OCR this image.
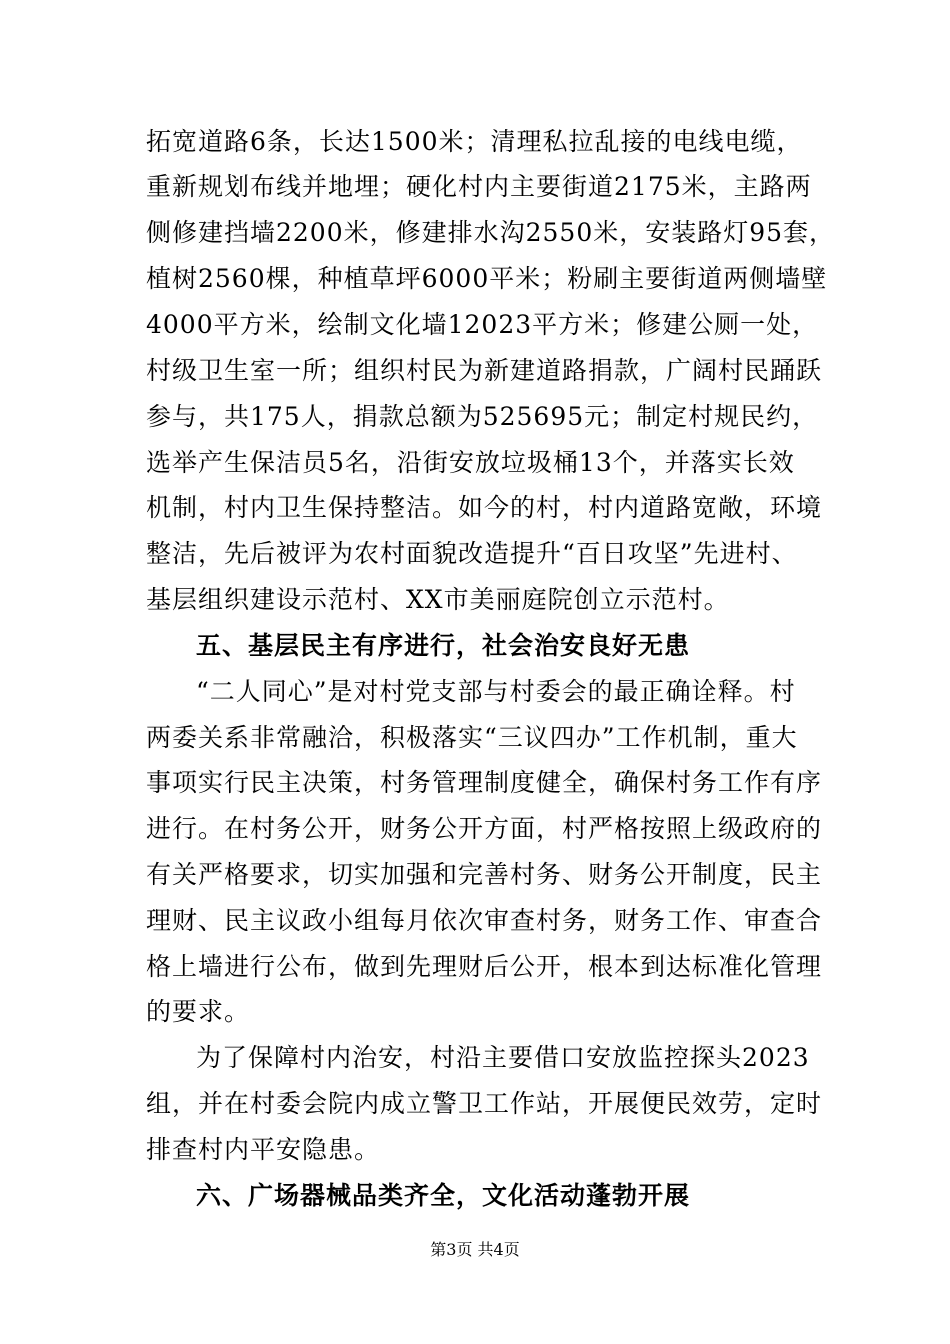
拓宽道路6条，长达1500米；清理私拉乱接的电线电缆，
重新规划布线并地埋；硬化村内主要街道2175米，主路两
侧修建挡墙2200米，修建排水沟2550米，安装路灯95套，
植树2560棵，种植草坪6000平米；粉刷主要街道两侧墙壁
4000平方米，绘制文化墙12023平方米；修建公厕一处，
村级卫生室一所；组织村民为新建道路捐款，广阔村民踊跃
参与，共175人，捐款总额为525695元；制定村规民约，
选举产生保洁员5名，沿街安放垃圾桶13个，并落实长效
机制，村内卫生保持整洁。如今的村，村内道路宽敞，环境
整洁，先后被评为农村面貌改造提升“百日攻坚”先进村、
基层组织建设示范村、XX市美丽庭院创立示范村。
五、基层民主有序进行，社会治安良好无患
“二人同心”是对村党支部与村委会的最正确诠释。村
两委关系非常融洽，积极落实“三议四办”工作机制，重大
事项实行民主决策，村务管理制度健全，确保村务工作有序
进行。在村务公开，财务公开方面，村严格按照上级政府的
有关严格要求，切实加强和完善村务、财务公开制度，民主
理财、民主议政小组每月依次审查村务，财务工作、审查合
格上墙进行公布，做到先理财后公开，根本到达标准化管理
的要求。
为了保障村内治安，村沿主要借口安放监控探头2023
组，并在村委会院内成立警卫工作站，开展便民效劳，定时
排查村内平安隐患。
六、广场器械品类齐全，文化活动蓬勃开展
第3页 共4页
